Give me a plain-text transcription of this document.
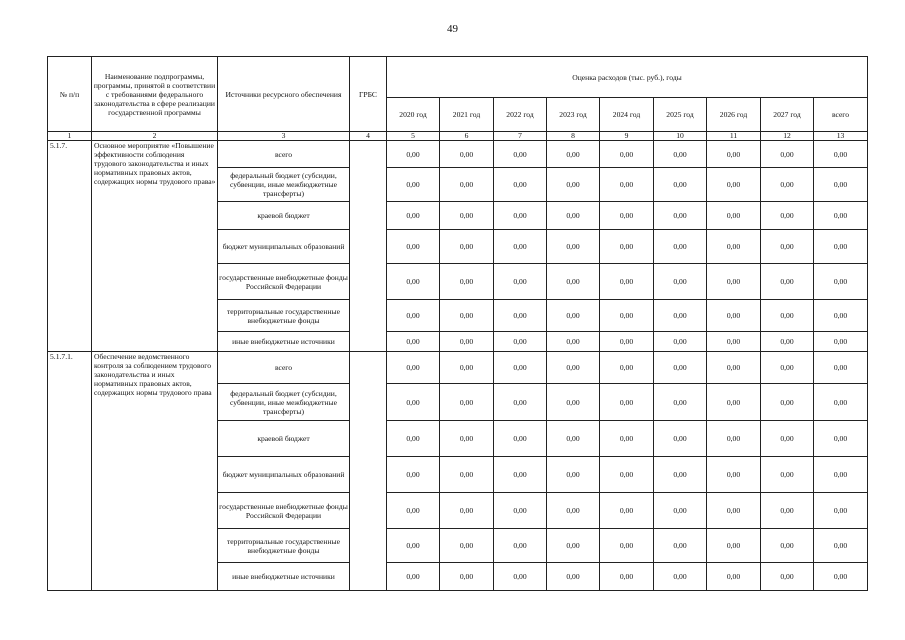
49
№ п/п	Наименование подпрограммы, программы, принятой в соответствии с требованиями федерального законодательства в сфере реализации государственной программы	Источники ресурсного обеспечения	ГРБС	Оценка расходов (тыс. руб.), годы								
				2020 год	2021 год	2022 год	2023 год	2024 год	2025 год	2026 год	2027 год	всего
1	2	3	4	5	6	7	8	9	10	11	12	13
5.1.7.	Основное мероприятие «Повышение эффективности соблюдения трудового законодательства и иных нормативных правовых актов, содержащих нормы трудового права»	всего		0,00	0,00	0,00	0,00	0,00	0,00	0,00	0,00	0,00
		федеральный бюджет (субсидии, субвенции, иные межбюджетные трансферты)		0,00	0,00	0,00	0,00	0,00	0,00	0,00	0,00	0,00
		краевой бюджет		0,00	0,00	0,00	0,00	0,00	0,00	0,00	0,00	0,00
		бюджет муниципальных образований		0,00	0,00	0,00	0,00	0,00	0,00	0,00	0,00	0,00
		государственные внебюджетные фонды Российской Федерации		0,00	0,00	0,00	0,00	0,00	0,00	0,00	0,00	0,00
		территориальные государственные внебюджетные фонды		0,00	0,00	0,00	0,00	0,00	0,00	0,00	0,00	0,00
		иные внебюджетные источники		0,00	0,00	0,00	0,00	0,00	0,00	0,00	0,00	0,00
5.1.7.1.	Обеспечение ведомственного контроля за соблюдением трудового законодательства и иных нормативных правовых актов, содержащих нормы трудового права	всего		0,00	0,00	0,00	0,00	0,00	0,00	0,00	0,00	0,00
		федеральный бюджет (субсидии, субвенции, иные межбюджетные трансферты)		0,00	0,00	0,00	0,00	0,00	0,00	0,00	0,00	0,00
		краевой бюджет		0,00	0,00	0,00	0,00	0,00	0,00	0,00	0,00	0,00
		бюджет муниципальных образований		0,00	0,00	0,00	0,00	0,00	0,00	0,00	0,00	0,00
		государственные внебюджетные фонды Российской Федерации		0,00	0,00	0,00	0,00	0,00	0,00	0,00	0,00	0,00
		территориальные государственные внебюджетные фонды		0,00	0,00	0,00	0,00	0,00	0,00	0,00	0,00	0,00
		иные внебюджетные источники		0,00	0,00	0,00	0,00	0,00	0,00	0,00	0,00	0,00
